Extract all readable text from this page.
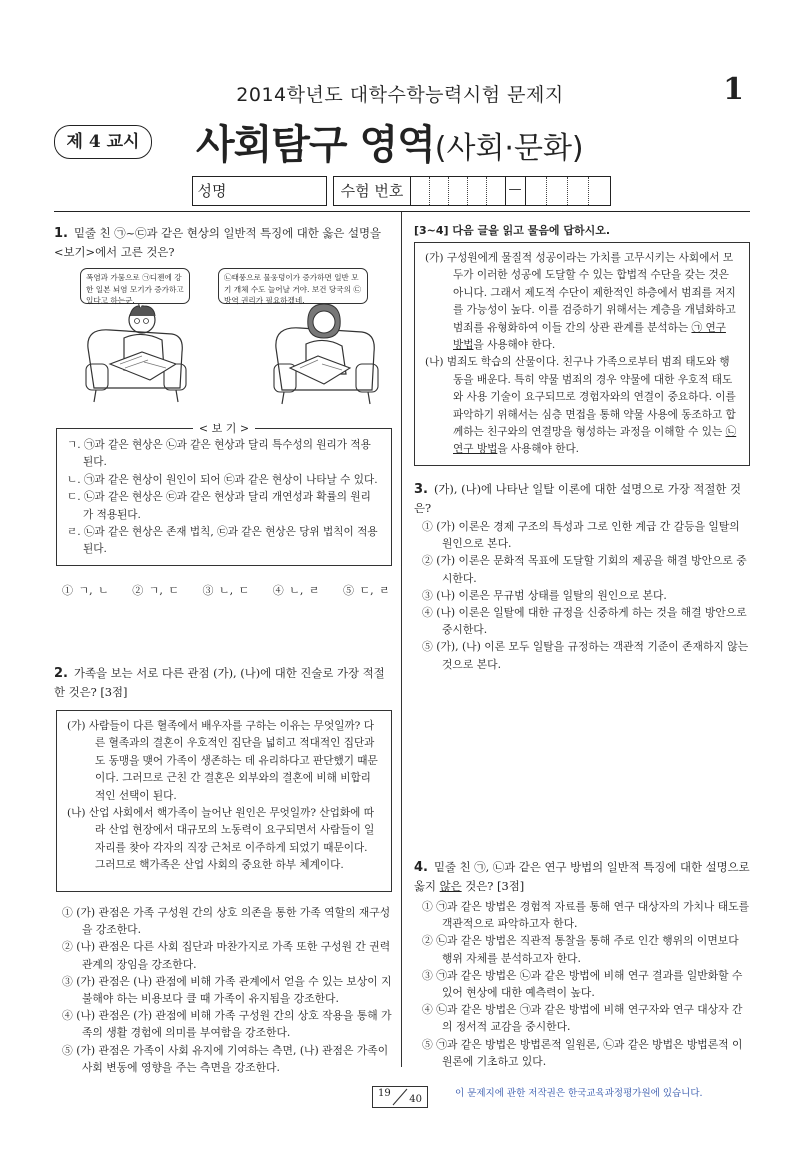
2014학년도 대학수학능력시험 문제지	1
제 4 교시	사회탐구 영역(사회·문화)
성명	수험 번호	—
1. 밑줄 친 ㉠~㉢과 같은 현상의 일반적 특징에 대한 옳은 설명을 <보기>에서 고른 것은?
폭염과 가뭄으로 ㉠디젠에 강한 일본 뇌염 모기가 증가하고 있다고 하는군.
㉡태풍으로 물웅덩이가 증가하면 일반 모기 개체 수도 늘어날 거야. 보건 당국의 ㉢방역 권리가 필요하겠네.
< 보 기 >

ㄱ. ㉠과 같은 현상은 ㉡과 같은 현상과 달리 특수성의 원리가 적용된다.

ㄴ. ㉠과 같은 현상이 원인이 되어 ㉢과 같은 현상이 나타날 수 있다.

ㄷ. ㉡과 같은 현상은 ㉢과 같은 현상과 달리 개연성과 확률의 원리가 적용된다.

ㄹ. ㉡과 같은 현상은 존재 법칙, ㉢과 같은 현상은 당위 법칙이 적용된다.

① ㄱ, ㄴ ② ㄱ, ㄷ ③ ㄴ, ㄷ ④ ㄴ, ㄹ ⑤ ㄷ, ㄹ
2. 가족을 보는 서로 다른 관점 (가), (나)에 대한 진술로 가장 적절한 것은? [3점]

(가) 사람들이 다른 혈족에서 배우자를 구하는 이유는 무엇일까? 다른 혈족과의 결혼이 우호적인 집단을 넓히고 적대적인 집단과도 동맹을 맺어 가족이 생존하는 데 유리하다고 판단했기 때문이다. 그러므로 근친 간 결혼은 외부와의 결혼에 비해 비합리적인 선택이 된다.

(나) 산업 사회에서 핵가족이 늘어난 원인은 무엇일까? 산업화에 따라 산업 현장에서 대규모의 노동력이 요구되면서 사람들이 일자리를 찾아 각자의 직장 근처로 이주하게 되었기 때문이다. 그러므로 핵가족은 산업 사회의 중요한 하부 체계이다.

① (가) 관점은 가족 구성원 간의 상호 의존을 통한 가족 역할의 재구성을 강조한다.

② (나) 관점은 다른 사회 집단과 마찬가지로 가족 또한 구성원 간 권력 관계의 장임을 강조한다.

③ (가) 관점은 (나) 관점에 비해 가족 관계에서 얻을 수 있는 보상이 지불해야 하는 비용보다 클 때 가족이 유지됨을 강조한다.

④ (나) 관점은 (가) 관점에 비해 가족 구성원 간의 상호 작용을 통해 가족의 생활 경험에 의미를 부여함을 강조한다.

⑤ (가) 관점은 가족이 사회 유지에 기여하는 측면, (나) 관점은 가족이 사회 변동에 영향을 주는 측면을 강조한다.

[3~4] 다음 글을 읽고 물음에 답하시오.

(가) 구성원에게 물질적 성공이라는 가치를 고무시키는 사회에서 모두가 이러한 성공에 도달할 수 있는 합법적 수단을 갖는 것은 아니다. 그래서 제도적 수단이 제한적인 하층에서 범죄를 저지를 가능성이 높다. 이를 검증하기 위해서는 계층을 개념화하고 범죄를 유형화하여 이들 간의 상관 관계를 분석하는 ㉠ 연구 방법을 사용해야 한다.

(나) 범죄도 학습의 산물이다. 친구나 가족으로부터 범죄 태도와 행동을 배운다. 특히 약물 범죄의 경우 약물에 대한 우호적 태도와 사용 기술이 요구되므로 경험자와의 연결이 중요하다. 이를 파악하기 위해서는 심층 면접을 통해 약물 사용에 동조하고 합께하는 친구와의 연결망을 형성하는 과정을 이해할 수 있는 ㉡ 연구 방법을 사용해야 한다.

3. (가), (나)에 나타난 일탈 이론에 대한 설명으로 가장 적절한 것은?

① (가) 이론은 경제 구조의 특성과 그로 인한 계급 간 갈등을 일탈의 원인으로 본다.

② (가) 이론은 문화적 목표에 도달할 기회의 제공을 해결 방안으로 중시한다.

③ (나) 이론은 무규범 상태를 일탈의 원인으로 본다.

④ (나) 이론은 일탈에 대한 규정을 신중하게 하는 것을 해결 방안으로 중시한다.

⑤ (가), (나) 이론 모두 일탈을 규정하는 객관적 기준이 존재하지 않는 것으로 본다.

4. 밑줄 친 ㉠, ㉡과 같은 연구 방법의 일반적 특징에 대한 설명으로 옳지 않은 것은? [3점]

① ㉠과 같은 방법은 경험적 자료를 통해 연구 대상자의 가치나 태도를 객관적으로 파악하고자 한다.

② ㉡과 같은 방법은 직관적 통찰을 통해 주로 인간 행위의 이면보다 행위 자체를 분석하고자 한다.

③ ㉠과 같은 방법은 ㉡과 같은 방법에 비해 연구 결과를 일반화할 수 있어 현상에 대한 예측력이 높다.

④ ㉡과 같은 방법은 ㉠과 같은 방법에 비해 연구자와 연구 대상자 간의 정서적 교감을 중시한다.

⑤ ㉠과 같은 방법은 방법론적 일원론, ㉡과 같은 방법은 방법론적 이원론에 기초하고 있다.

19
40
이 문제지에 관한 저작권은 한국교육과정평가원에 있습니다.
